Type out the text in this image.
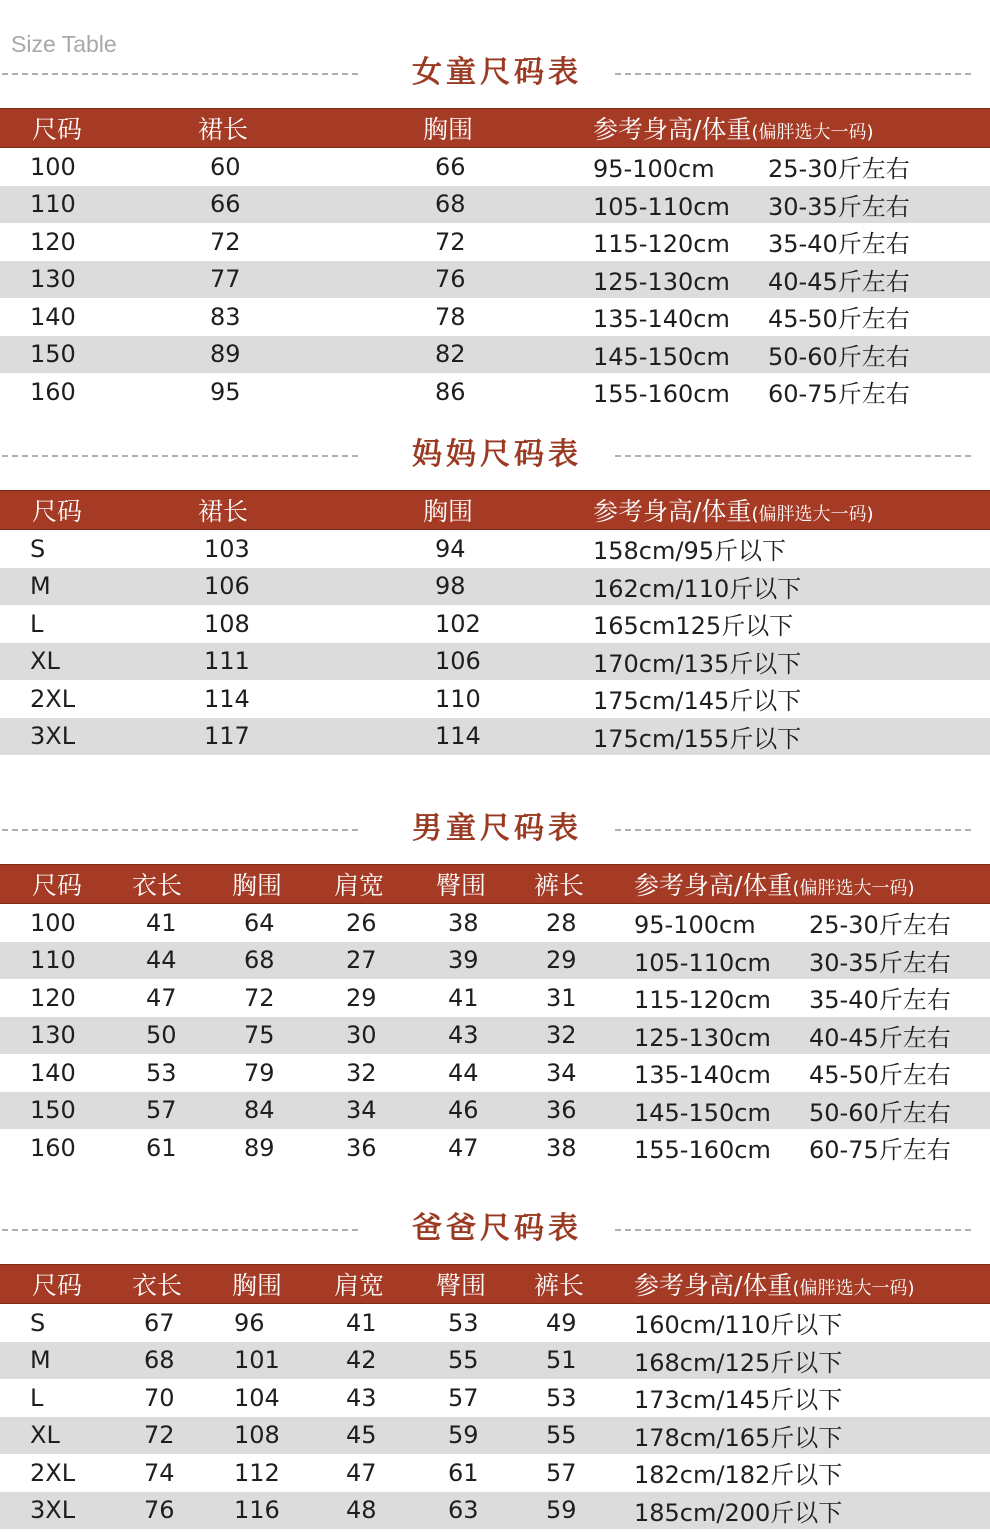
Size Table
女童尺码表
尺码	裙长	胸围	参考身高/体重(偏胖选大一码)
100	60	66	95-100cm 25-30斤左右
110	66	68	105-110cm 30-35斤左右
120	72	72	115-120cm 35-40斤左右
130	77	76	125-130cm 40-45斤左右
140	83	78	135-140cm 45-50斤左右
150	89	82	145-150cm 50-60斤左右
160	95	86	155-160cm 60-75斤左右
妈妈尺码表
尺码	裙长	胸围	参考身高/体重(偏胖选大一码)
S	103	94	158cm/95斤以下
M	106	98	162cm/110斤以下
L	108	102	165cm125斤以下
XL	111	106	170cm/135斤以下
2XL	114	110	175cm/145斤以下
3XL	117	114	175cm/155斤以下
男童尺码表
尺码	衣长	胸围	肩宽	臀围	裤长	参考身高/体重(偏胖选大一码)
100	41	64	26	38	28	95-100cm 25-30斤左右
110	44	68	27	39	29	105-110cm 30-35斤左右
120	47	72	29	41	31	115-120cm 35-40斤左右
130	50	75	30	43	32	125-130cm 40-45斤左右
140	53	79	32	44	34	135-140cm 45-50斤左右
150	57	84	34	46	36	145-150cm 50-60斤左右
160	61	89	36	47	38	155-160cm 60-75斤左右
爸爸尺码表
尺码	衣长	胸围	肩宽	臀围	裤长	参考身高/体重(偏胖选大一码)
S	67	96	41	53	49	160cm/110斤以下
M	68	101	42	55	51	168cm/125斤以下
L	70	104	43	57	53	173cm/145斤以下
XL	72	108	45	59	55	178cm/165斤以下
2XL	74	112	47	61	57	182cm/182斤以下
3XL	76	116	48	63	59	185cm/200斤以下
